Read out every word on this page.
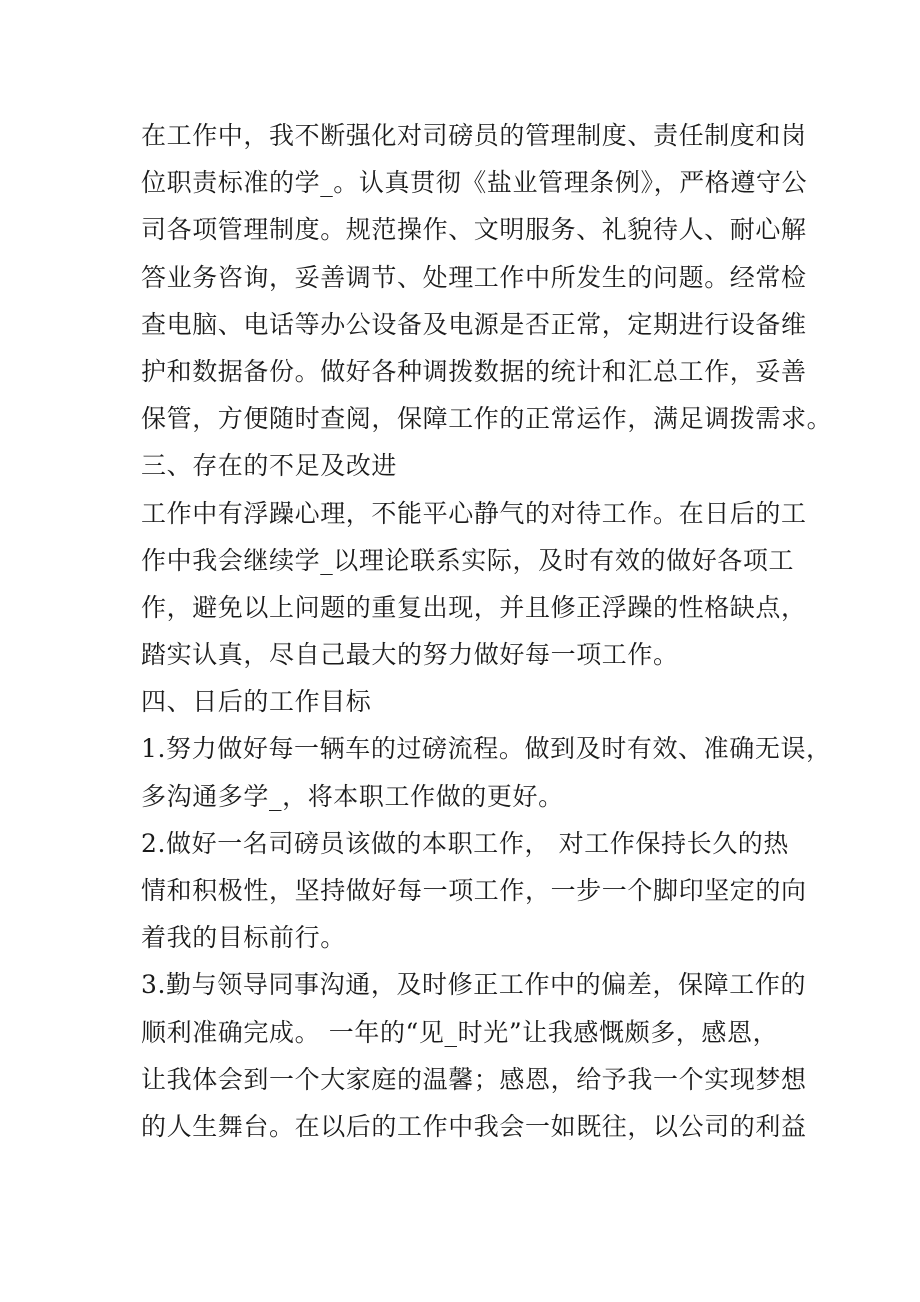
在工作中，我不断强化对司磅员的管理制度、责任制度和岗
位职责标准的学_。认真贯彻《盐业管理条例》，严格遵守公
司各项管理制度。规范操作、文明服务、礼貌待人、耐心解
答业务咨询，妥善调节、处理工作中所发生的问题。经常检
查电脑、电话等办公设备及电源是否正常，定期进行设备维
护和数据备份。做好各种调拨数据的统计和汇总工作，妥善
保管，方便随时查阅，保障工作的正常运作，满足调拨需求。
三、存在的不足及改进
工作中有浮躁心理，不能平心静气的对待工作。在日后的工
作中我会继续学_以理论联系实际，及时有效的做好各项工
作，避免以上问题的重复出现，并且修正浮躁的性格缺点，
踏实认真，尽自己最大的努力做好每一项工作。
四、日后的工作目标
1.努力做好每一辆车的过磅流程。做到及时有效、准确无误，
多沟通多学_，将本职工作做的更好。
2.做好一名司磅员该做的本职工作， 对工作保持长久的热
情和积极性，坚持做好每一项工作，一步一个脚印坚定的向
着我的目标前行。
3.勤与领导同事沟通，及时修正工作中的偏差，保障工作的
顺利准确完成。 一年的“见_时光”让我感慨颇多，感恩，
让我体会到一个大家庭的温馨；感恩，给予我一个实现梦想
的人生舞台。在以后的工作中我会一如既往，以公司的利益
